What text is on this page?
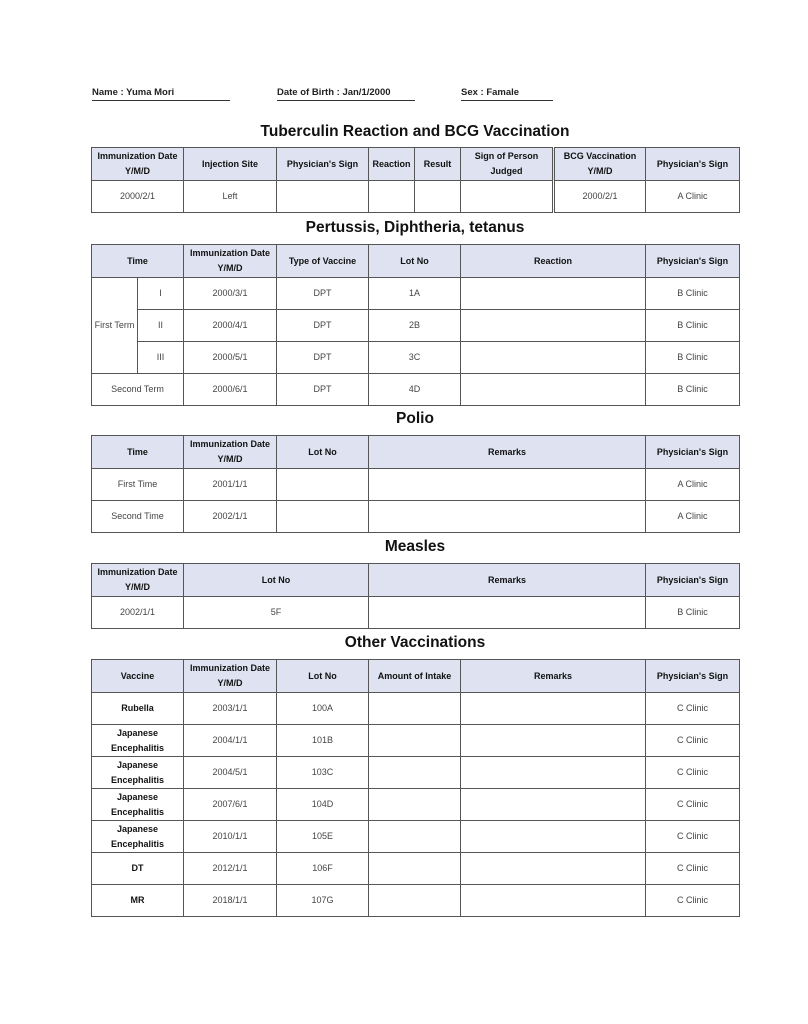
Name : Yuma Mori	Date of Birth : Jan/1/2000	Sex : Famale
Tuberculin Reaction and BCG Vaccination
Immunization Date Y/M/D	Injection Site	Physician's Sign	Reaction	Result	Sign of Person Judged	BCG Vaccination Y/M/D	Physician's Sign
2000/2/1	Left					2000/2/1	A Clinic
Pertussis, Diphtheria, tetanus
Time		Immunization Date Y/M/D	Type of Vaccine	Lot No	Reaction	Physician's Sign
First Term	I	2000/3/1	DPT	1A		B Clinic
	II	2000/4/1	DPT	2B		B Clinic
	III	2000/5/1	DPT	3C		B Clinic
Second Term		2000/6/1	DPT	4D		B Clinic
Polio
Time	Immunization Date Y/M/D	Lot No	Remarks	Physician's Sign
First Time	2001/1/1			A Clinic
Second Time	2002/1/1			A Clinic
Measles
Immunization Date Y/M/D	Lot No	Remarks	Physician's Sign
2002/1/1	5F		B Clinic
Other Vaccinations
Vaccine	Immunization Date Y/M/D	Lot No	Amount of Intake	Remarks	Physician's Sign
Rubella	2003/1/1	100A			C Clinic
Japanese Encephalitis	2004/1/1	101B			C Clinic
Japanese Encephalitis	2004/5/1	103C			C Clinic
Japanese Encephalitis	2007/6/1	104D			C Clinic
Japanese Encephalitis	2010/1/1	105E			C Clinic
DT	2012/1/1	106F			C Clinic
MR	2018/1/1	107G			C Clinic
